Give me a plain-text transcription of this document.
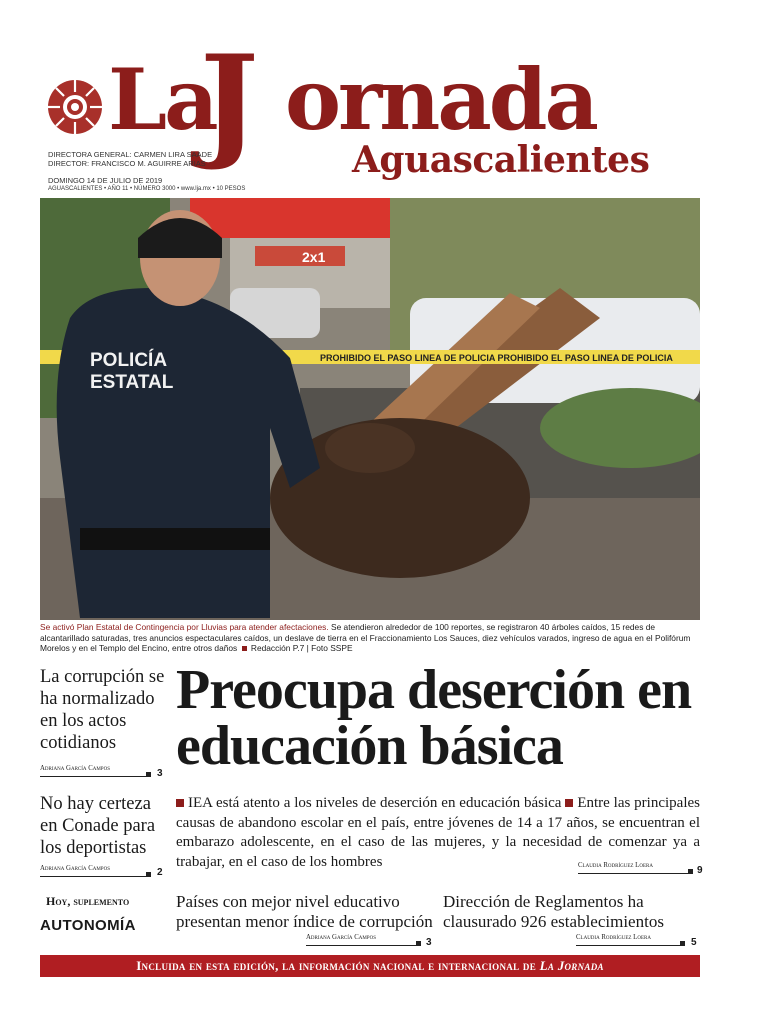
La
J ornada
Aguascalientes
DIRECTORA GENERAL: CARMEN LIRA SAADE
DIRECTOR: FRANCISCO M. AGUIRRE ARIAS
DOMINGO 14 DE JULIO DE 2019
AGUASCALIENTES • AÑO 11 • NÚMERO 3000 • www.lja.mx • 10 PESOS
2x1
PROHIBIDO EL PASO LINEA DE POLICIA PROHIBIDO EL PASO LINEA DE POLICIA
POLICÍA
ESTATAL
Se activó Plan Estatal de Contingencia por Lluvias para atender afectaciones. Se atendieron alrededor de 100 reportes, se registraron 40 árboles caídos, 15 redes de alcantarillado saturadas, tres anuncios espectaculares caídos, un deslave de tierra en el Fraccionamiento Los Sauces, diez vehículos varados, ingreso de agua en el Polifórum Morelos y en el Templo del Encino, entre otros daños  Redacción P.7 | Foto SSPE
La corrupción se ha normalizado en los actos cotidianos
Adriana García Campos	3
No hay certeza en Conade para los deportistas
Adriana García Campos	2
Hoy, suplemento
AUTONOMÍA
Preocupa deserción en educación básica
IEA está atento a los niveles de deserción en educación básica Entre las principales causas de abandono escolar en el país, entre jóvenes de 14 a 17 años, se encuentran el embarazo adolescente, en el caso de las mujeres, y la necesidad de comenzar ya a trabajar, en el caso de los hombres	Claudia Rodríguez Loera	9
Países con mejor nivel educativo presentan menor índice de corrupción
Adriana García Campos	3
Dirección de Reglamentos ha clausurado 926 establecimientos
Claudia Rodríguez Loera	5
Incluida en esta edición, la información nacional e internacional de La Jornada
